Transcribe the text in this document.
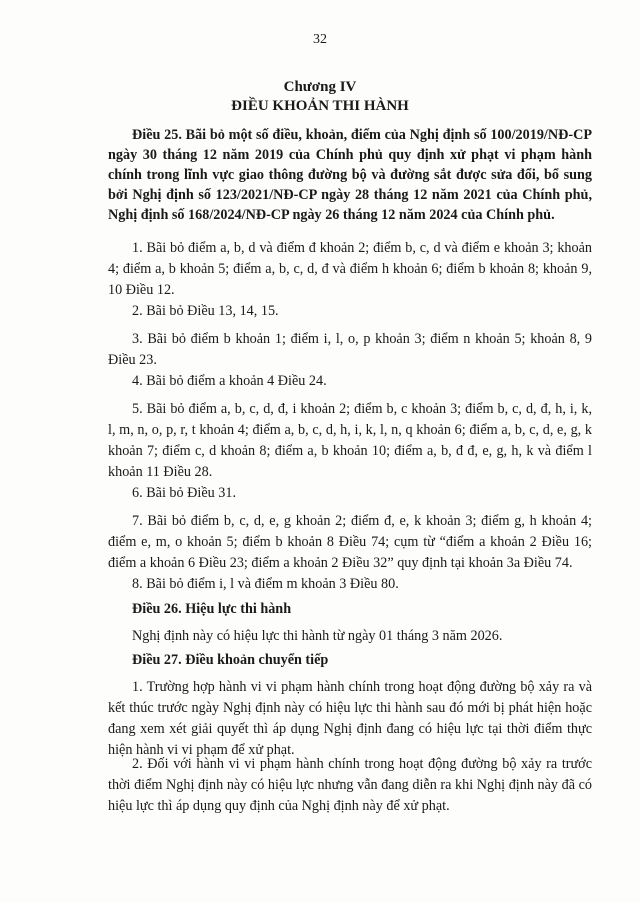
32
Chương IV
ĐIỀU KHOẢN THI HÀNH
Điều 25. Bãi bỏ một số điều, khoản, điểm của Nghị định số 100/2019/NĐ-CP ngày 30 tháng 12 năm 2019 của Chính phủ quy định xử phạt vi phạm hành chính trong lĩnh vực giao thông đường bộ và đường sắt được sửa đổi, bổ sung bởi Nghị định số 123/2021/NĐ-CP ngày 28 tháng 12 năm 2021 của Chính phủ, Nghị định số 168/2024/NĐ-CP ngày 26 tháng 12 năm 2024 của Chính phủ.
1. Bãi bỏ điểm a, b, d và điểm đ khoản 2; điểm b, c, d và điểm e khoản 3; khoản 4; điểm a, b khoản 5; điểm a, b, c, d, đ và điểm h khoản 6; điểm b khoản 8; khoản 9, 10 Điều 12.
2. Bãi bỏ Điều 13, 14, 15.
3. Bãi bỏ điểm b khoản 1; điểm i, l, o, p khoản 3; điểm n khoản 5; khoản 8, 9 Điều 23.
4. Bãi bỏ điểm a khoản 4 Điều 24.
5. Bãi bỏ điểm a, b, c, d, đ, i khoản 2; điểm b, c khoản 3; điểm b, c, d, đ, h, i, k, l, m, n, o, p, r, t khoản 4; điểm a, b, c, d, h, i, k, l, n, q khoản 6; điểm a, b, c, d, e, g, k khoản 7; điểm c, d khoản 8; điểm a, b khoản 10; điểm a, b, đ đ, e, g, h, k và điểm l khoản 11 Điều 28.
6. Bãi bỏ Điều 31.
7. Bãi bỏ điểm b, c, d, e, g khoản 2; điểm đ, e, k khoản 3; điểm g, h khoản 4; điểm e, m, o khoản 5; điểm b khoản 8 Điều 74; cụm từ “điểm a khoản 2 Điều 16; điểm a khoản 6 Điều 23; điểm a khoản 2 Điều 32” quy định tại khoản 3a Điều 74.
8. Bãi bỏ điểm i, l và điểm m khoản 3 Điều 80.
Điều 26. Hiệu lực thi hành
Nghị định này có hiệu lực thi hành từ ngày 01 tháng 3 năm 2026.
Điều 27. Điều khoản chuyển tiếp
1. Trường hợp hành vi vi phạm hành chính trong hoạt động đường bộ xảy ra và kết thúc trước ngày Nghị định này có hiệu lực thi hành sau đó mới bị phát hiện hoặc đang xem xét giải quyết thì áp dụng Nghị định đang có hiệu lực tại thời điểm thực hiện hành vi vi phạm để xử phạt.
2. Đối với hành vi vi phạm hành chính trong hoạt động đường bộ xảy ra trước thời điểm Nghị định này có hiệu lực nhưng vẫn đang diễn ra khi Nghị định này đã có hiệu lực thì áp dụng quy định của Nghị định này để xử phạt.
